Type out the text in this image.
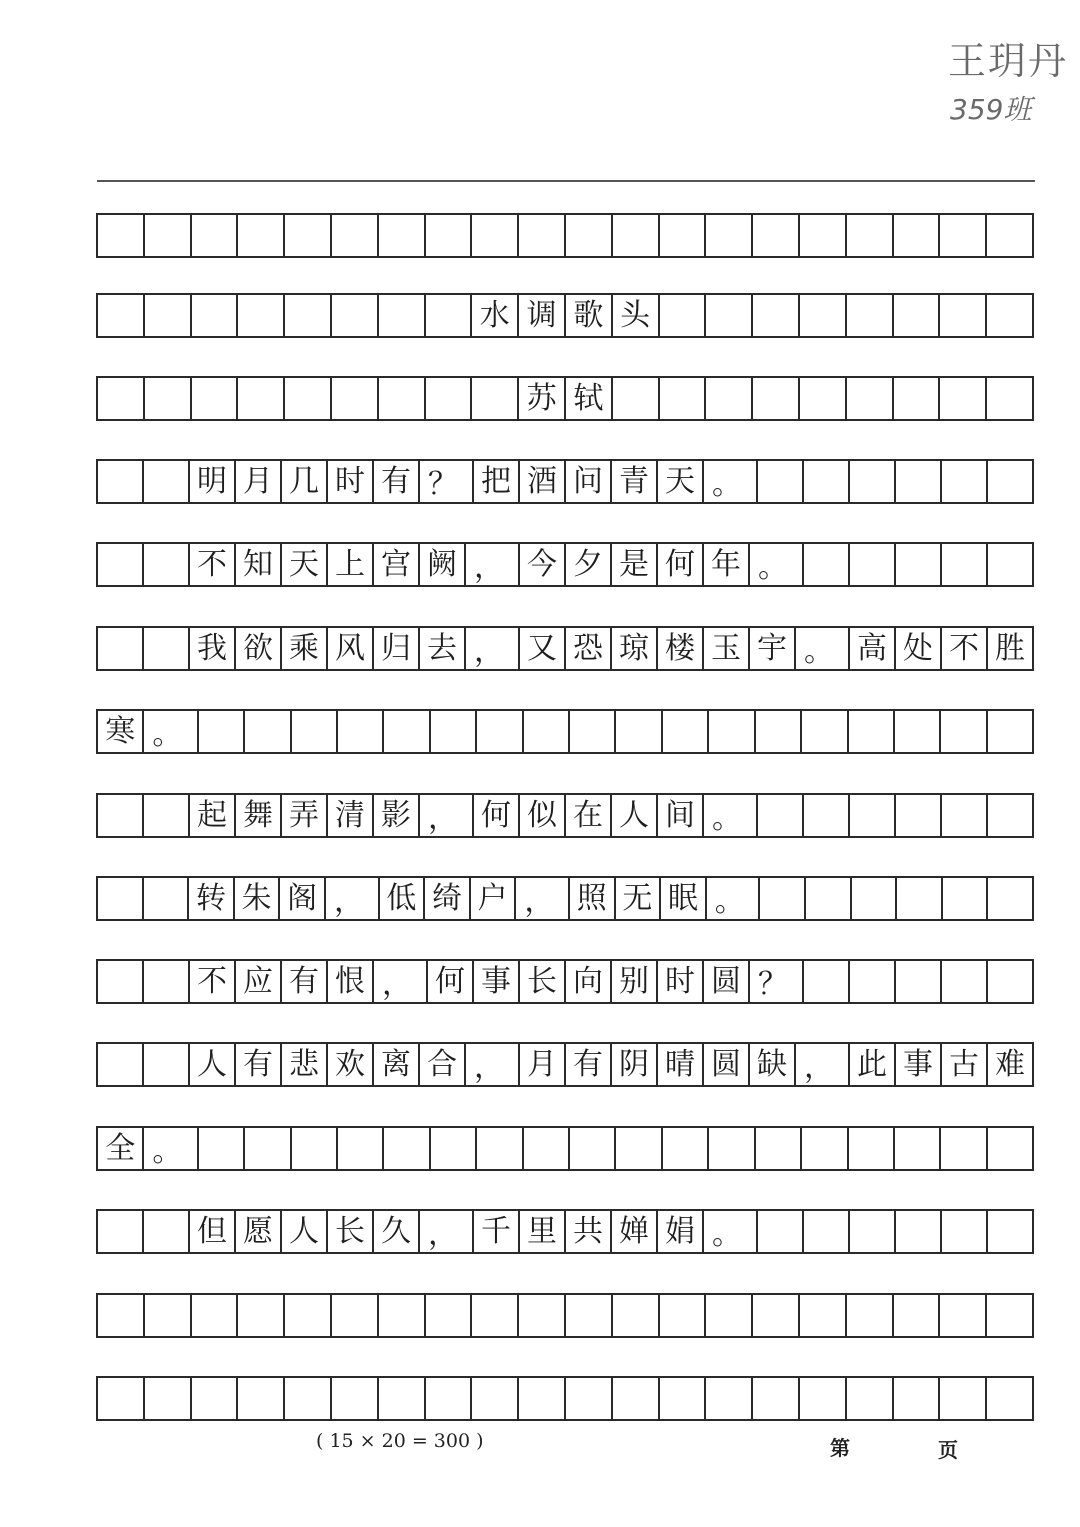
王玥丹
359班
水 调 歌 头
苏 轼
明 月 几 时 有 ？ 把 酒 问 青 天 。
不 知 天 上 宫 阙 ， 今 夕 是 何 年 。
我 欲 乘 风 归 去 ， 又 恐 琼 楼 玉 宇 。 高 处 不 胜
寒 。
起 舞 弄 清 影 ， 何 似 在 人 间 。
转 朱 阁 ， 低 绮 户 ， 照 无 眠 。
不 应 有 恨 ， 何 事 长 向 别 时 圆 ？
人 有 悲 欢 离 合 ， 月 有 阴 晴 圆 缺 ， 此 事 古 难
全 。
但 愿 人 长 久 ， 千 里 共 婵 娟 。
( 15 × 20 = 300 )	第	页
